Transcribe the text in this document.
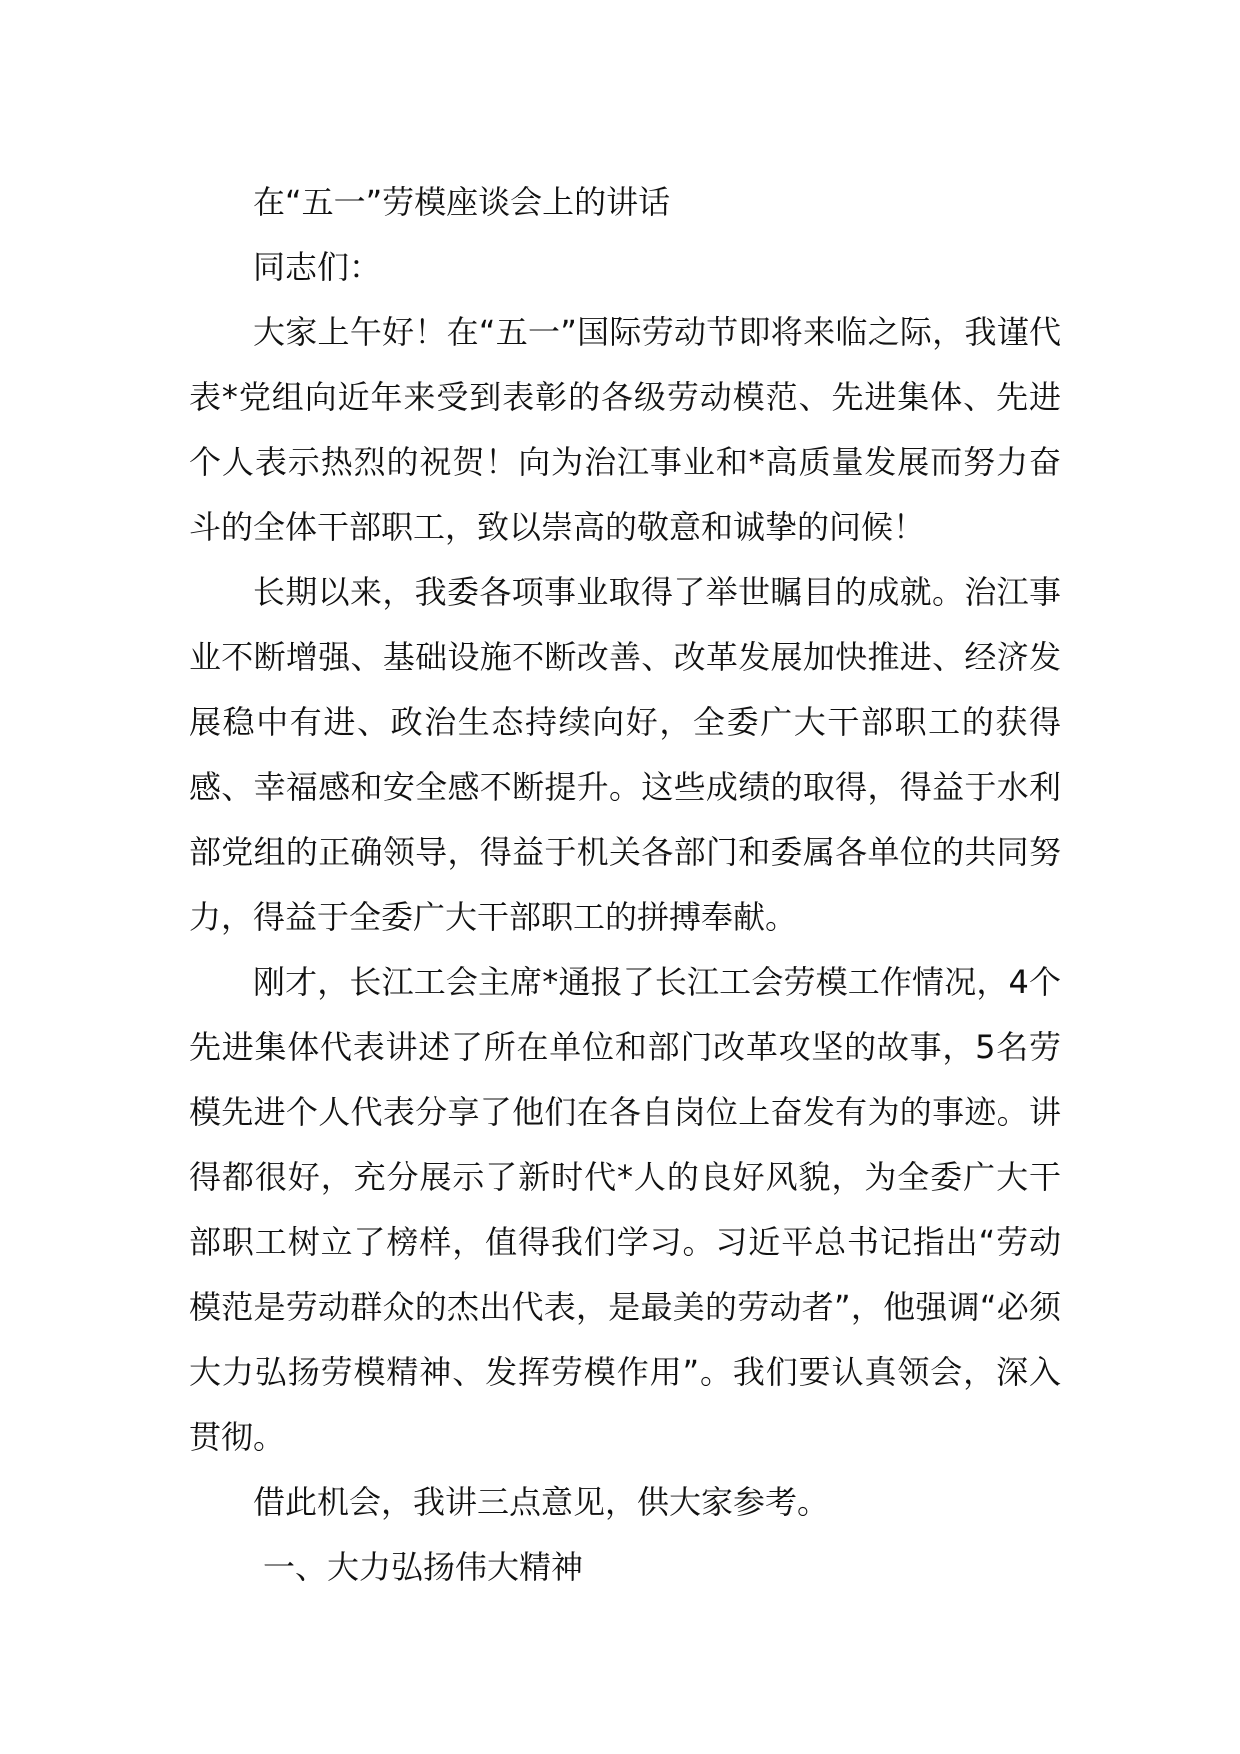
在“五一”劳模座谈会上的讲话

同志们：

大家上午好！在“五一”国际劳动节即将来临之际，我谨代表*党组向近年来受到表彰的各级劳动模范、先进集体、先进个人表示热烈的祝贺！向为治江事业和*高质量发展而努力奋斗的全体干部职工，致以崇高的敬意和诚挚的问候！

长期以来，我委各项事业取得了举世瞩目的成就。治江事业不断增强、基础设施不断改善、改革发展加快推进、经济发展稳中有进、政治生态持续向好，全委广大干部职工的获得感、幸福感和安全感不断提升。这些成绩的取得，得益于水利部党组的正确领导，得益于机关各部门和委属各单位的共同努力，得益于全委广大干部职工的拼搏奉献。

刚才，长江工会主席*通报了长江工会劳模工作情况，4个先进集体代表讲述了所在单位和部门改革攻坚的故事，5名劳模先进个人代表分享了他们在各自岗位上奋发有为的事迹。讲得都很好，充分展示了新时代*人的良好风貌，为全委广大干部职工树立了榜样，值得我们学习。习近平总书记指出“劳动模范是劳动群众的杰出代表，是最美的劳动者”，他强调“必须大力弘扬劳模精神、发挥劳模作用”。我们要认真领会，深入贯彻。

借此机会，我讲三点意见，供大家参考。

一、大力弘扬伟大精神
